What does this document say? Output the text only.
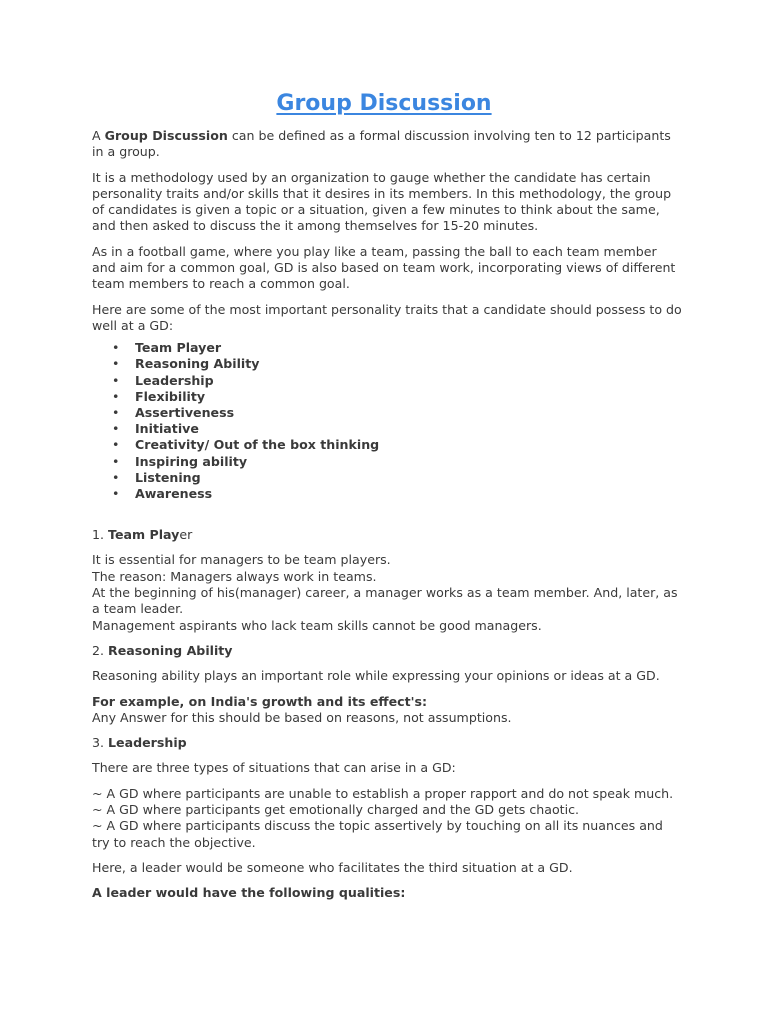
Group Discussion

A Group Discussion can be defined as a formal discussion involving ten to 12 participants in a group.

It is a methodology used by an organization to gauge whether the candidate has certain personality traits and/or skills that it desires in its members. In this methodology, the group of candidates is given a topic or a situation, given a few minutes to think about the same, and then asked to discuss the it among themselves for 15-20 minutes.

As in a football game, where you play like a team, passing the ball to each team member and aim for a common goal, GD is also based on team work, incorporating views of different team members to reach a common goal.

Here are some of the most important personality traits that a candidate should possess to do well at a GD:

• Team Player
• Reasoning Ability
• Leadership
• Flexibility
• Assertiveness
• Initiative
• Creativity/ Out of the box thinking
• Inspiring ability
• Listening
• Awareness

1. Team Player

It is essential for managers to be team players.
The reason: Managers always work in teams.
At the beginning of his(manager) career, a manager works as a team member. And, later, as a team leader.
Management aspirants who lack team skills cannot be good managers.

2. Reasoning Ability

Reasoning ability plays an important role while expressing your opinions or ideas at a GD.

For example, on India's growth and its effect's:
Any Answer for this should be based on reasons, not assumptions.

3. Leadership

There are three types of situations that can arise in a GD:

~ A GD where participants are unable to establish a proper rapport and do not speak much.
~ A GD where participants get emotionally charged and the GD gets chaotic.
~ A GD where participants discuss the topic assertively by touching on all its nuances and try to reach the objective.

Here, a leader would be someone who facilitates the third situation at a GD.

A leader would have the following qualities:
